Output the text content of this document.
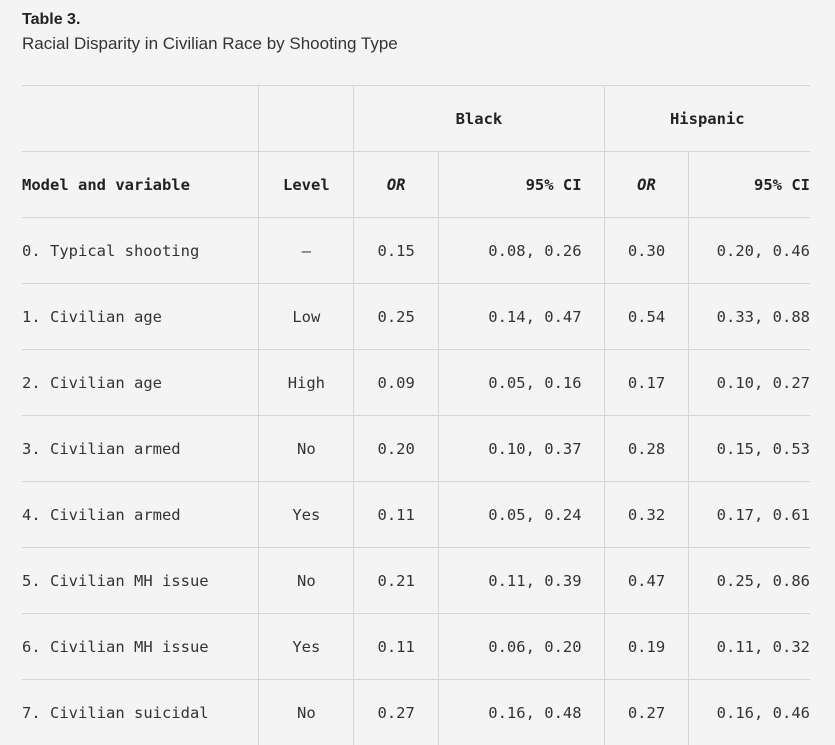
Table 3.
Racial Disparity in Civilian Race by Shooting Type
		Black		Hispanic	
Model and variable	Level	OR	95% CI	OR	95% CI
0. Typical shooting	—	0.15	0.08, 0.26	0.30	0.20, 0.46
1. Civilian age	Low	0.25	0.14, 0.47	0.54	0.33, 0.88
2. Civilian age	High	0.09	0.05, 0.16	0.17	0.10, 0.27
3. Civilian armed	No	0.20	0.10, 0.37	0.28	0.15, 0.53
4. Civilian armed	Yes	0.11	0.05, 0.24	0.32	0.17, 0.61
5. Civilian MH issue	No	0.21	0.11, 0.39	0.47	0.25, 0.86
6. Civilian MH issue	Yes	0.11	0.06, 0.20	0.19	0.11, 0.32
7. Civilian suicidal	No	0.27	0.16, 0.48	0.27	0.16, 0.46
